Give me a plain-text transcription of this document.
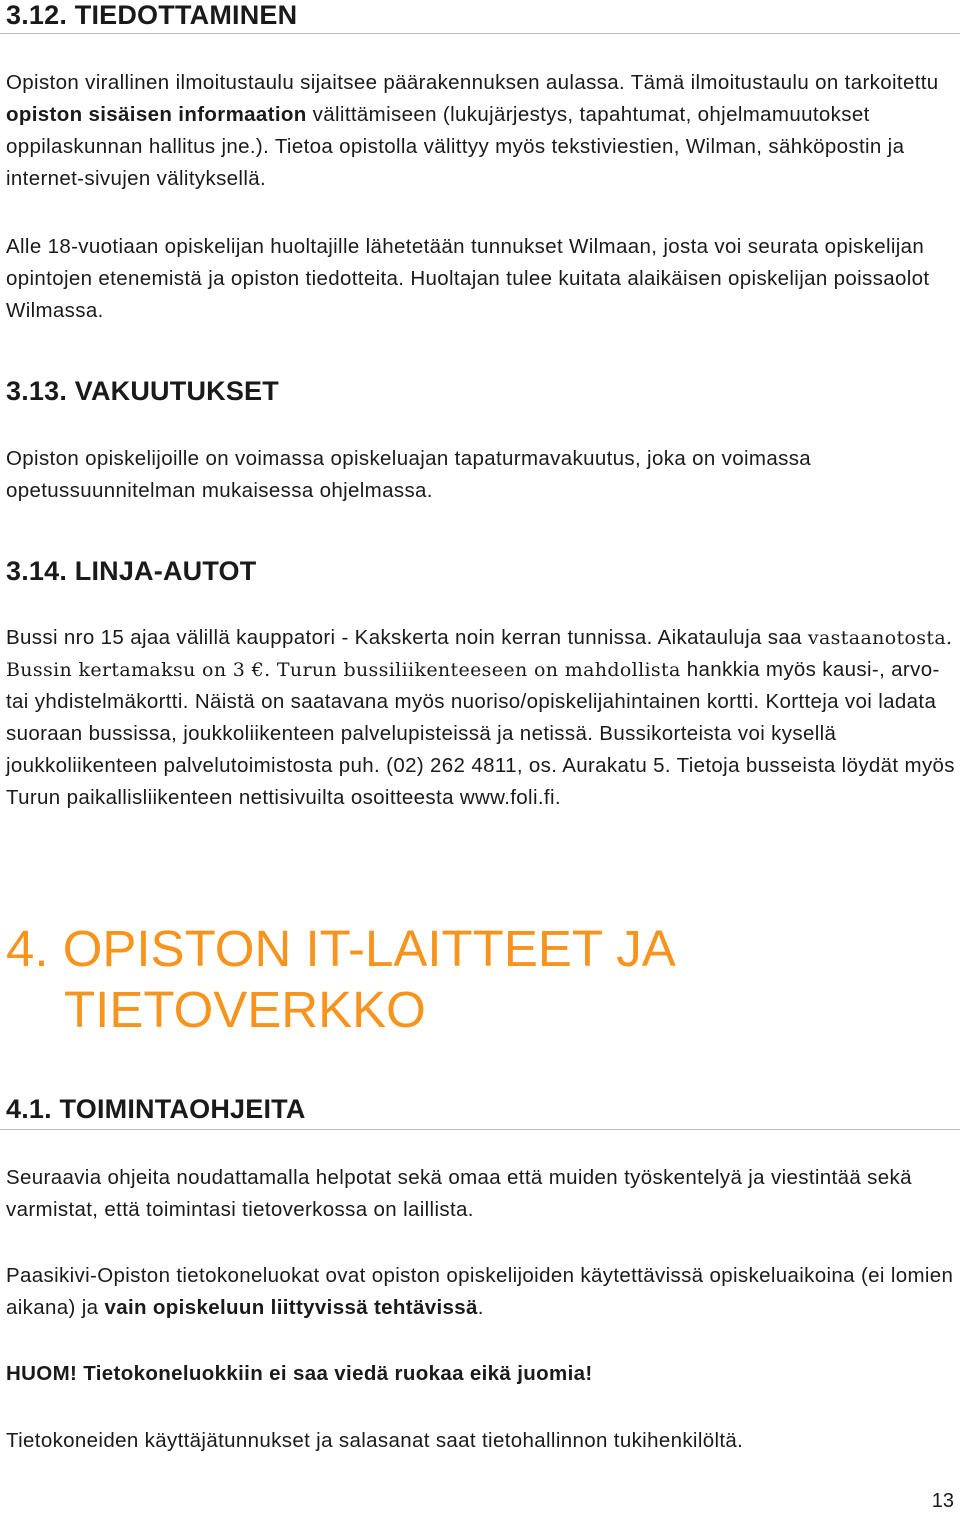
3.12. TIEDOTTAMINEN

Opiston virallinen ilmoitustaulu sijaitsee päärakennuksen aulassa. Tämä ilmoitustaulu on tarkoitettu opiston sisäisen informaation välittämiseen (lukujärjestys, tapahtumat, ohjelmamuutokset oppilaskunnan hallitus jne.). Tietoa opistolla välittyy myös tekstiviestien, Wilman, sähköpostin ja internet-sivujen välityksellä.

Alle 18-vuotiaan opiskelijan huoltajille lähetetään tunnukset Wilmaan, josta voi seurata opiskelijan opintojen etenemistä ja opiston tiedotteita. Huoltajan tulee kuitata alaikäisen opiskelijan poissaolot Wilmassa.

3.13. VAKUUTUKSET

Opiston opiskelijoille on voimassa opiskeluajan tapaturmavakuutus, joka on voimassa opetussuunnitelman mukaisessa ohjelmassa.

3.14. LINJA-AUTOT

Bussi nro 15 ajaa välillä kauppatori - Kakskerta noin kerran tunnissa. Aikatauluja saa vastaanotosta. Bussin kertamaksu on 3 €. Turun bussiliikenteeseen on mahdollista hankkia myös kausi-, arvo- tai yhdistelmäkortti. Näistä on saatavana myös nuoriso/opiskelijahintainen kortti. Kortteja voi ladata suoraan bussissa, joukkoliikenteen palvelupisteissä ja netissä. Bussikorteista voi kysellä joukkoliikenteen palvelutoimistosta puh. (02) 262 4811, os. Aurakatu 5. Tietoja busseista löydät myös Turun paikallisliikenteen nettisivuilta osoitteesta www.foli.fi.

4. OPISTON IT-LAITTEET JA
TIETOVERKKO
4.1. TOIMINTAOHJEITA

Seuraavia ohjeita noudattamalla helpotat sekä omaa että muiden työskentelyä ja viestintää sekä varmistat, että toimintasi tietoverkossa on laillista.

Paasikivi-Opiston tietokoneluokat ovat opiston opiskelijoiden käytettävissä opiskeluaikoina (ei lomien aikana) ja vain opiskeluun liittyvissä tehtävissä.

HUOM! Tietokoneluokkiin ei saa viedä ruokaa eikä juomia!

Tietokoneiden käyttäjätunnukset ja salasanat saat tietohallinnon tukihenkilöltä.

13
